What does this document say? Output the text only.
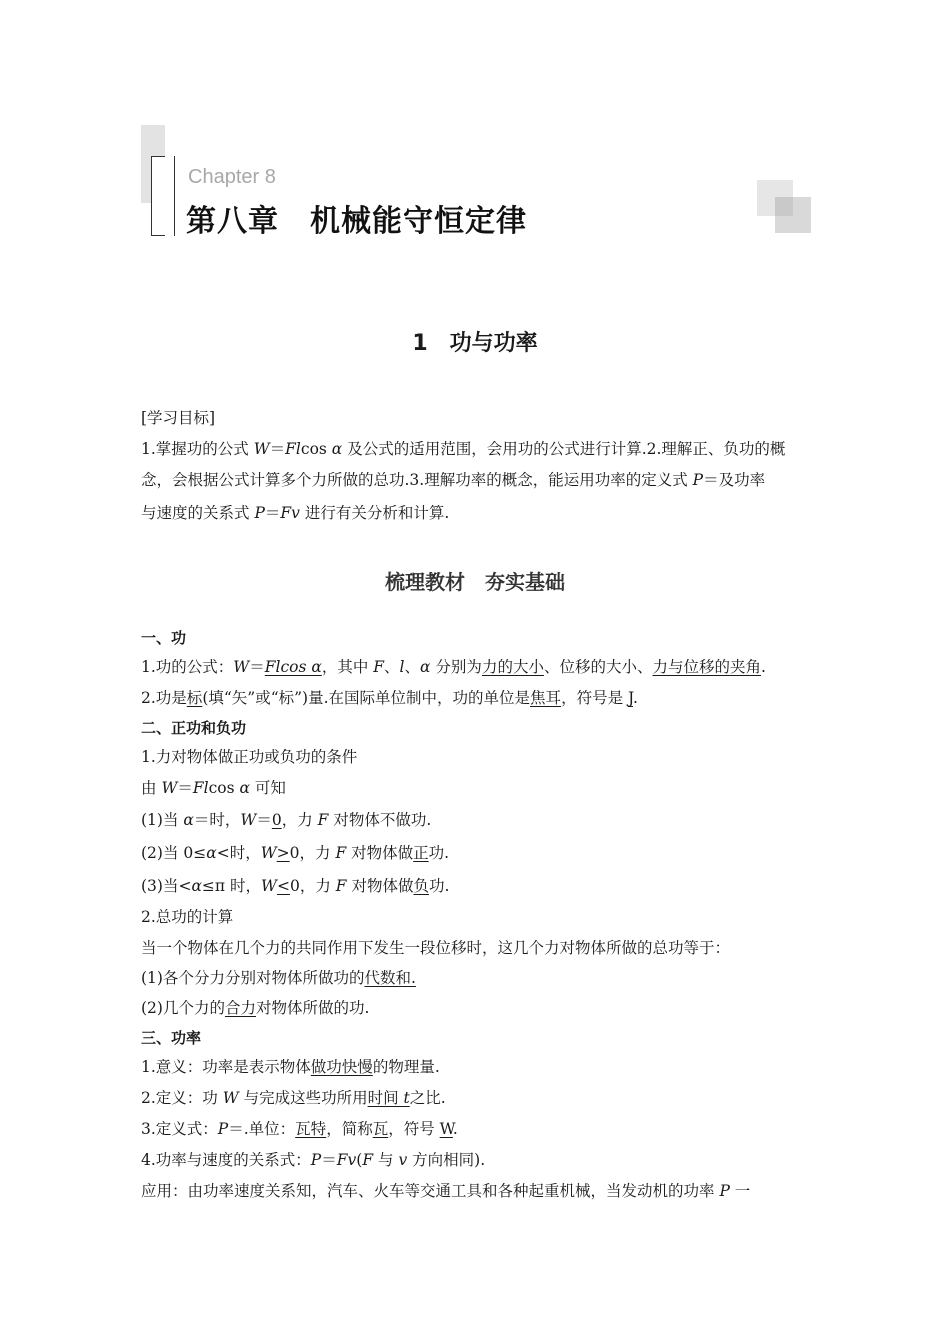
Chapter 8
第八章　机械能守恒定律
1　功与功率
[学习目标]
1.掌握功的公式 W＝Flcos α 及公式的适用范围，会用功的公式进行计算.2.理解正、负功的概
念，会根据公式计算多个力所做的总功.3.理解功率的概念，能运用功率的定义式 P＝及功率
与速度的关系式 P＝Fv 进行有关分析和计算.
梳理教材　夯实基础
一、功
1.功的公式：W＝Flcos α，其中 F、l、α 分别为力的大小、位移的大小、力与位移的夹角.
2.功是标(填“矢”或“标”)量.在国际单位制中，功的单位是焦耳，符号是 J.
二、正功和负功
1.力对物体做正功或负功的条件
由 W＝Flcos α 可知
(1)当 α＝时，W＝0，力 F 对物体不做功.
(2)当 0≤α<时，W>0，力 F 对物体做正功.
(3)当<α≤π 时，W<0，力 F 对物体做负功.
2.总功的计算
当一个物体在几个力的共同作用下发生一段位移时，这几个力对物体所做的总功等于：
(1)各个分力分别对物体所做功的代数和.
(2)几个力的合力对物体所做的功.
三、功率
1.意义：功率是表示物体做功快慢的物理量.
2.定义：功 W 与完成这些功所用时间 t之比.
3.定义式：P＝.单位：瓦特，简称瓦，符号 W.
4.功率与速度的关系式：P＝Fv(F 与 v 方向相同).
应用：由功率速度关系知，汽车、火车等交通工具和各种起重机械，当发动机的功率 P 一
